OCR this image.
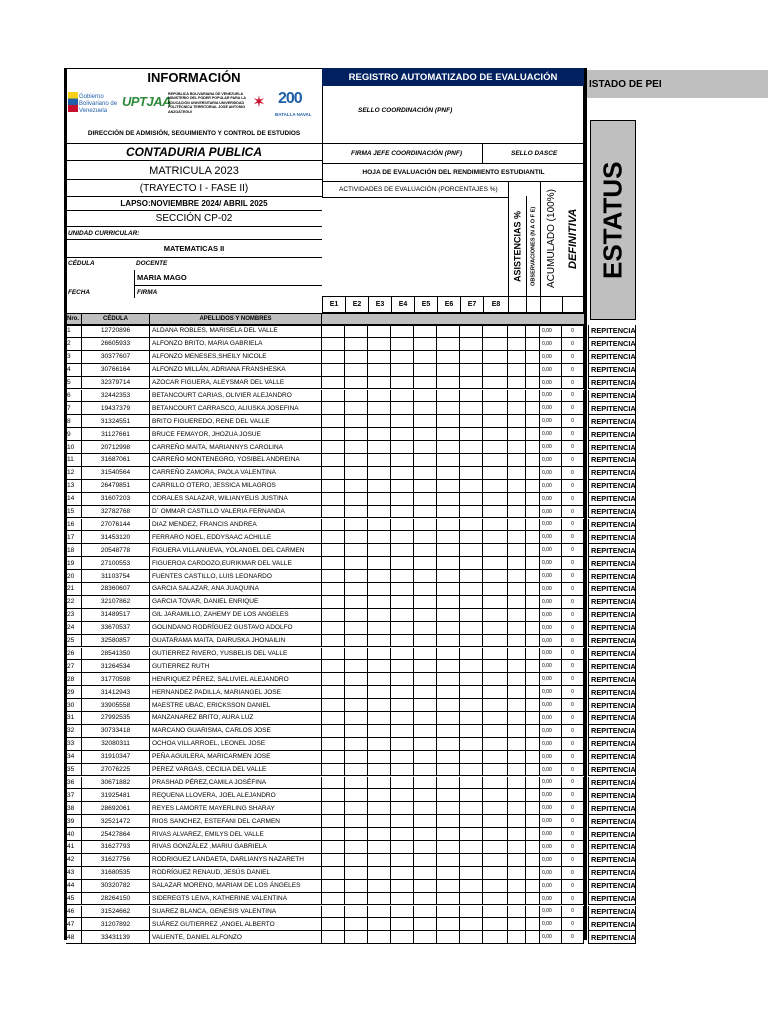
INFORMACIÓN	REGISTRO AUTOMATIZADO DE EVALUACIÓN
ISTADO DE PEI
Gobierno Bolivariano de Venezuela
UPTJAA
REPÚBLICA BOLIVARIANA DE VENEZUELA MINISTERIO DEL PODER POPULAR PARA LA EDUCACIÓN UNIVERSITARIA UNIVERSIDAD POLITÉCNICA TERRITORIAL JOSÉ ANTONIO ANZOÁTEGUI
✶ 200
BATALLA NAVAL
SELLO COORDINACIÓN (PNF)
DIRECCIÓN DE ADMISIÓN, SEGUIMIENTO Y CONTROL DE ESTUDIOS
CONTADURIA PUBLICA	FIRMA JEFE COORDINACIÓN (PNF)	SELLO DASCE
MATRICULA 2023	HOJA DE EVALUACIÓN DEL RENDIMIENTO ESTUDIANTIL
(TRAYECTO I - FASE II)	ACTIVIDADES DE EVALUACIÓN (PORCENTAJES %)
LAPSO:NOVIEMBRE 2024/ ABRIL 2025
SECCIÓN CP-02
UNIDAD CURRICULAR:
MATEMATICAS II
CÉDULA	DOCENTE
MARIA MAGO
FECHA	FIRMA
ASISTENCIAS %	OBSERVACIONES (N A O F E) ACUMULADO (100%) DEFINITIVA ESTATUS
E1	E2	E3	E4	E5	E6	E7	E8
Nro.	CÉDULA	APELLIDOS Y NOMBRES
1	12720896	ALDANA ROBLES, MARISELA DEL VALLE	0,00	0	REPITENCIA
2	26605933	ALFONZO BRITO, MARIA GABRIELA	0,00	0	REPITENCIA
3	30377607	ALFONZO MENESES,SHEILY NICOLE	0,00	0	REPITENCIA
4	30766164	ALFONZO MILLÁN, ADRIANA FRANSHESKA	0,00	0	REPITENCIA
5	32379714	AZOCAR FIGUERA, ALEYSMAR DEL VALLE	0,00	0	REPITENCIA
6	32442353	BETANCOURT CARIAS, OLIVIER ALEJANDRO	0,00	0	REPITENCIA
7	19437379	BETANCOURT CARRASCO, ALIUSKA JOSEFINA	0,00	0	REPITENCIA
8	31324551	BRITO FIGUEREDO, RENE DEL VALLE	0,00	0	REPITENCIA
9	31127661	BRUCE FEMAYOR, JHOZUA JOSUE	0,00	0	REPITENCIA
10	20712998	CARREÑO MAITA, MARIANNYS CAROLINA	0,00	0	REPITENCIA
11	31687061	CARREÑO MONTENEGRO, YOSIBEL ANDREINA	0,00	0	REPITENCIA
12	31540564	CARREÑO ZAMORA, PAOLA VALENTINA	0,00	0	REPITENCIA
13	26479851	CARRILLO OTERO, JESSICA MILAGROS	0,00	0	REPITENCIA
14	31607203	CORALES SALAZAR, WILIANYELIS JUSTINA	0,00	0	REPITENCIA
15	32782768	D´ OMMAR CASTILLO VALERIA FERNANDA	0,00	0	REPITENCIA
16	27076144	DIAZ MENDEZ, FRANCIS ANDREA	0,00	0	REPITENCIA
17	31453120	FERRARO NOEL, EDDYSAAC ACHILLE	0,00	0	REPITENCIA
18	20548778	FIGUERA VILLANUEVA, YOLANGEL DEL CARMEN	0,00	0	REPITENCIA
19	27100553	FIGUEROA CARDOZO,EURIKMAR DEL VALLE	0,00	0	REPITENCIA
20	31103754	FUENTES CASTILLO, LUIS LEONARDO	0,00	0	REPITENCIA
21	28360607	GARCIA SALAZAR, ANA JUAQUINA	0,00	0	REPITENCIA
22	32107862	GARCIA TOVAR, DANIEL ENRIQUE	0,00	0	REPITENCIA
23	31489517	GIL JARAMILLO, ZAHEMY DE LOS ANGELES	0,00	0	REPITENCIA
24	33670537	GOLINDANO RODRÍGUEZ GUSTAVO ADOLFO	0,00	0	REPITENCIA
25	32580857	GUATARAMA MAITA, DAIRUSKA JHONAILIN	0,00	0	REPITENCIA
26	28541350	GUTIERREZ RIVERO, YUSBELIS DEL VALLE	0,00	0	REPITENCIA
27	31264534	GUTIERREZ RUTH	0,00	0	REPITENCIA
28	31770598	HENRIQUEZ PÉREZ, SALUVIEL ALEJANDRO	0,00	0	REPITENCIA
29	31412943	HERNANDEZ PADILLA, MARIANGEL JOSE	0,00	0	REPITENCIA
30	33905558	MAESTRE UBAC, ERICKSSON DANIEL	0,00	0	REPITENCIA
31	27992535	MANZANAREZ BRITO, AURA LUZ	0,00	0	REPITENCIA
32	30733418	MARCANO GUARISMA, CARLOS JOSE	0,00	0	REPITENCIA
33	32080311	OCHOA VILLARROEL, LEONEL JOSE	0,00	0	REPITENCIA
34	31910347	PEÑA AGUILERA, MARICARMEN JOSE	0,00	0	REPITENCIA
35	27076225	PEREZ VARGAS, CECILIA DEL VALLE	0,00	0	REPITENCIA
36	30671882	PRASHAD PÉREZ,CAMILA JOSÉFINA	0,00	0	REPITENCIA
37	31925481	REQUENA LLOVERA, JOEL ALEJANDRO	0,00	0	REPITENCIA
38	28692061	REYES LAMORTE MAYERLING SHARAY	0,00	0	REPITENCIA
39	32521472	RIOS SANCHEZ, ESTEFANI DEL CARMEN	0,00	0	REPITENCIA
40	25427864	RIVAS ALVAREZ, EMILYS DEL VALLE	0,00	0	REPITENCIA
41	31627793	RIVAS GONZÁLEZ ,MARIU GABRIELA	0,00	0	REPITENCIA
42	31627756	RODRIGUEZ LANDAETA, DARLIANYS NAZARETH	0,00	0	REPITENCIA
43	31680535	RODRÍGUEZ RENAUD, JESÚS DANIEL	0,00	0	REPITENCIA
44	30320782	SALAZAR MORENO, MARIAM DE LOS ÁNGELES	0,00	0	REPITENCIA
45	28264150	SIDEREGTS LEIVA, KATHERINE VALENTINA	0,00	0	REPITENCIA
46	31524662	SUAREZ BLANCA, GENESIS VALENTINA	0,00	0	REPITENCIA
47	31207892	SUÁREZ GUTIERREZ ,ANGEL ALBERTO	0,00	0	REPITENCIA
48	33431139	VALIENTE, DANIEL ALFONZO	0,00	0	REPITENCIA
